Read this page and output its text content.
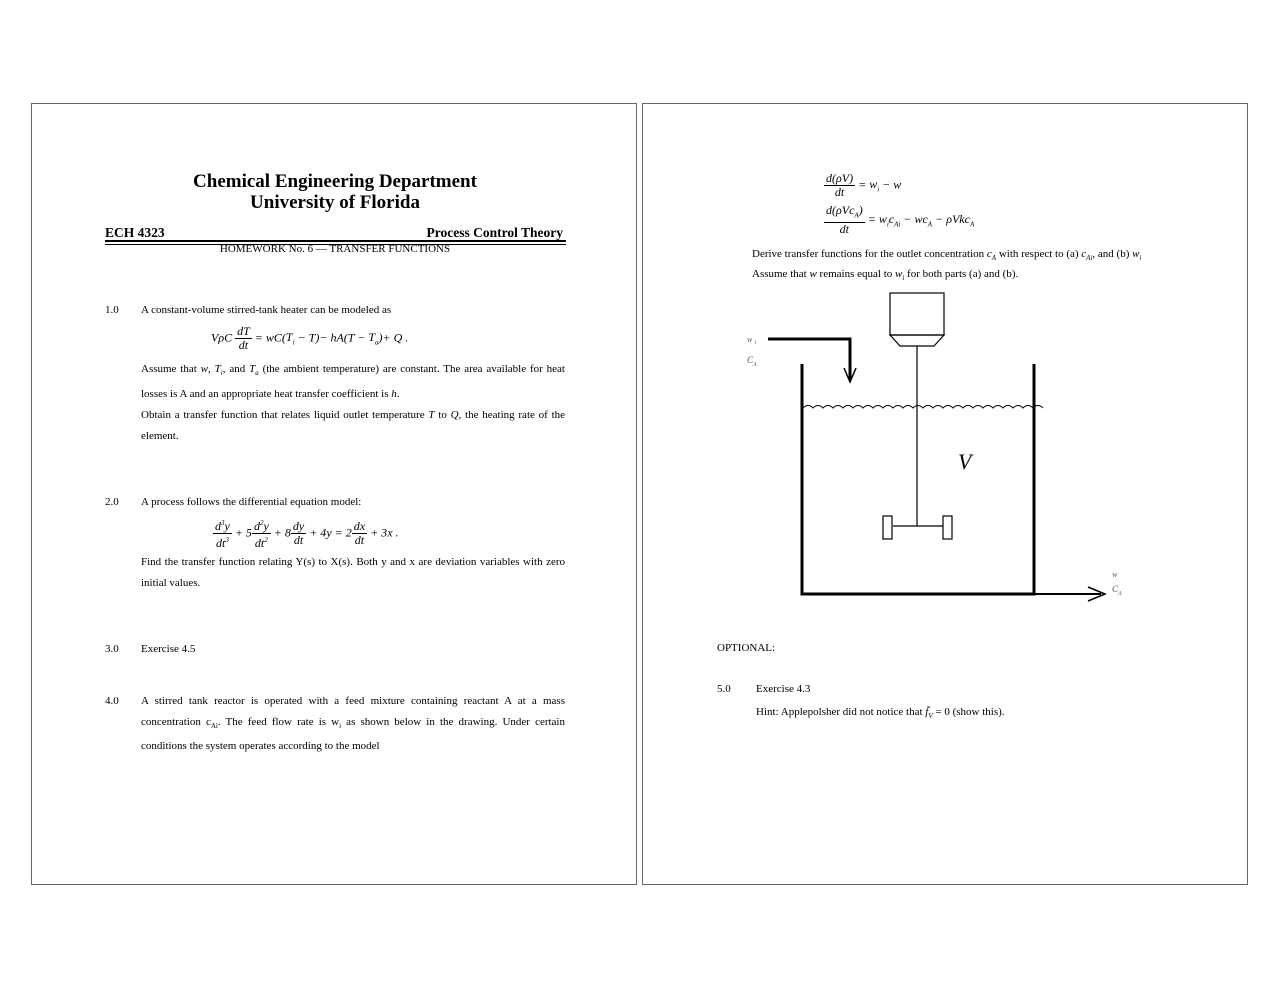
Chemical Engineering Department
University of Florida
ECH 4323	Process Control Theory
HOMEWORK No. 6 — TRANSFER FUNCTIONS
1.0 A constant-volume stirred-tank heater can be modeled as
VρC $\frac{dT}{dt} = wC(T_i - T)- hA(T - T_a)+ Q$ .
Assume that w, $T_i$, and $T_a$ (the ambient temperature) are constant. The area available for heat losses is A and an appropriate heat transfer coefficient is h.
Obtain a transfer function that relates liquid outlet temperature T to Q, the heating rate of the element.
2.0 A process follows the differential equation model:
$\frac{d^3y}{dt^3} + 5 \frac{d^2y}{dt^2} + 8 \frac{dy}{dt} + 4y = 2 \frac{dx}{dt} + 3x$ .
Find the transfer function relating Y(s) to X(s). Both y and x are deviation variables with zero initial values.
3.0 Exercise 4.5
4.0 A stirred tank reactor is operated with a feed mixture containing reactant A at a mass concentration $c_{Ai}$. The feed flow rate is $w_i$ as shown below in the drawing. Under certain conditions the system operates according to the model
$\frac{d(\rho V)}{dt} = w_i - w$
$\frac{d(\rho Vc_A)}{dt} = w_ic_{Ai} - wc_A - \rho Vkc_A$
Derive transfer functions for the outlet concentration $c_A$ with respect to (a) $c_{Ai}$, and (b) $w_i$
Assume that w remains equal to $w_i$ for both parts (a) and (b).
V
w $_i$
$C_A$
w
$C_A$
OPTIONAL:
5.0 Exercise 4.3
Hint: Applepolsher did not notice that $f̄_V = 0$ (show this).
